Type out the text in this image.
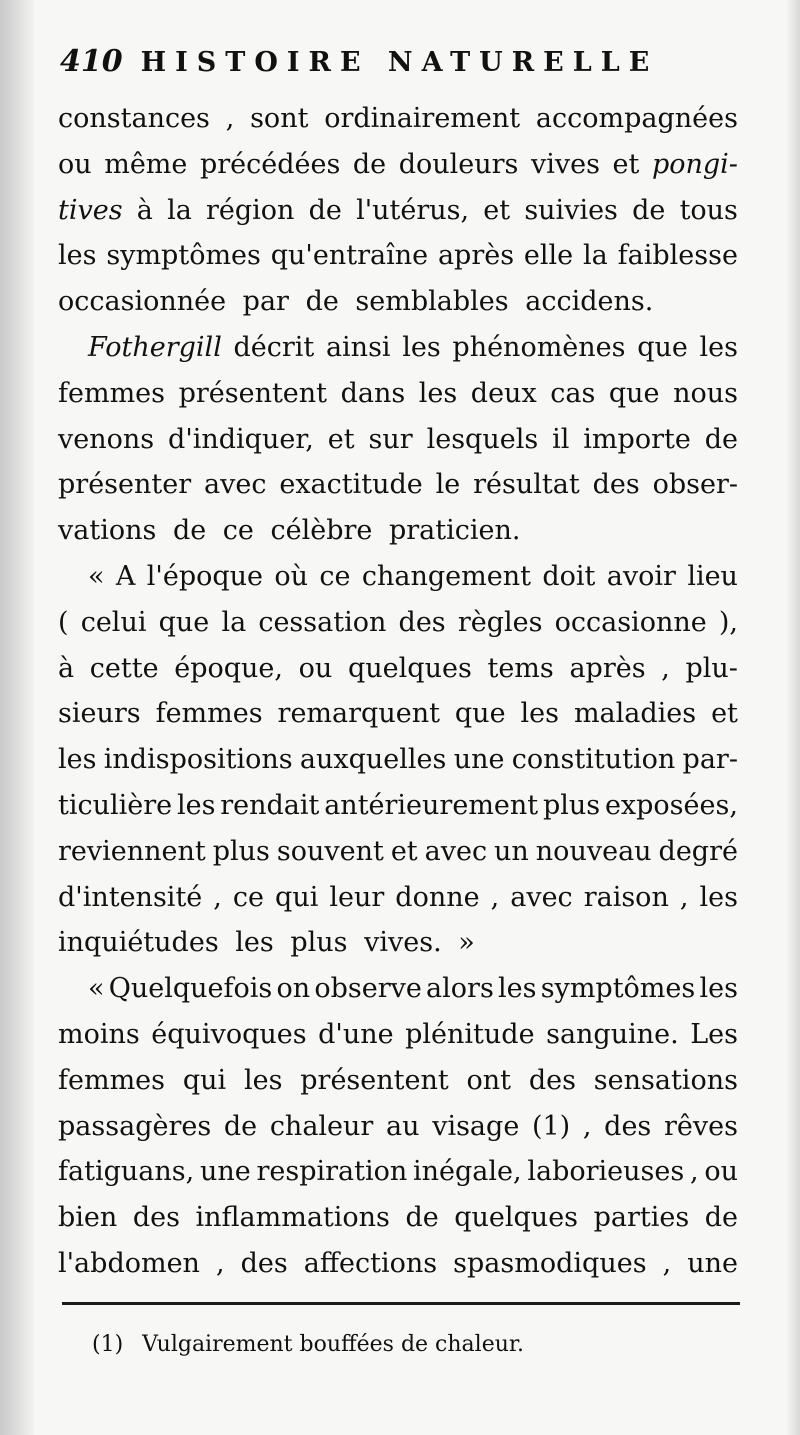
410 HISTOIRE NATURELLE
constances , sont ordinairement accompagnées
ou même précédées de douleurs vives et pongi-
tives à la région de l'utérus, et suivies de tous
les symptômes qu'entraîne après elle la faiblesse
occasionnée
par
de
semblables
accidens.
Fothergill décrit ainsi les phénomènes que les
femmes présentent dans les deux cas que nous
venons d'indiquer, et sur lesquels il importe de
présenter avec exactitude le résultat des obser-
vations
de
ce
célèbre
praticien.
« A l'époque où ce changement doit avoir lieu
( celui que la cessation des règles occasionne ),
à cette époque, ou quelques tems après , plu-
sieurs femmes remarquent que les maladies et
les indispositions auxquelles une constitution par-
ticulière les rendait antérieurement plus exposées,
reviennent plus souvent et avec un nouveau degré
d'intensité , ce qui leur donne , avec raison , les
inquiétudes
les
plus
vives.
»
« Quelquefois on observe alors les symptômes les
moins équivoques d'une plénitude sanguine. Les
femmes qui les présentent ont des sensations
passagères de chaleur au visage (1) , des rêves
fatiguans, une respiration inégale, laborieuses , ou
bien des inflammations de quelques parties de
l'abdomen , des affections spasmodiques , une
(1) Vulgairement bouffées de chaleur.
